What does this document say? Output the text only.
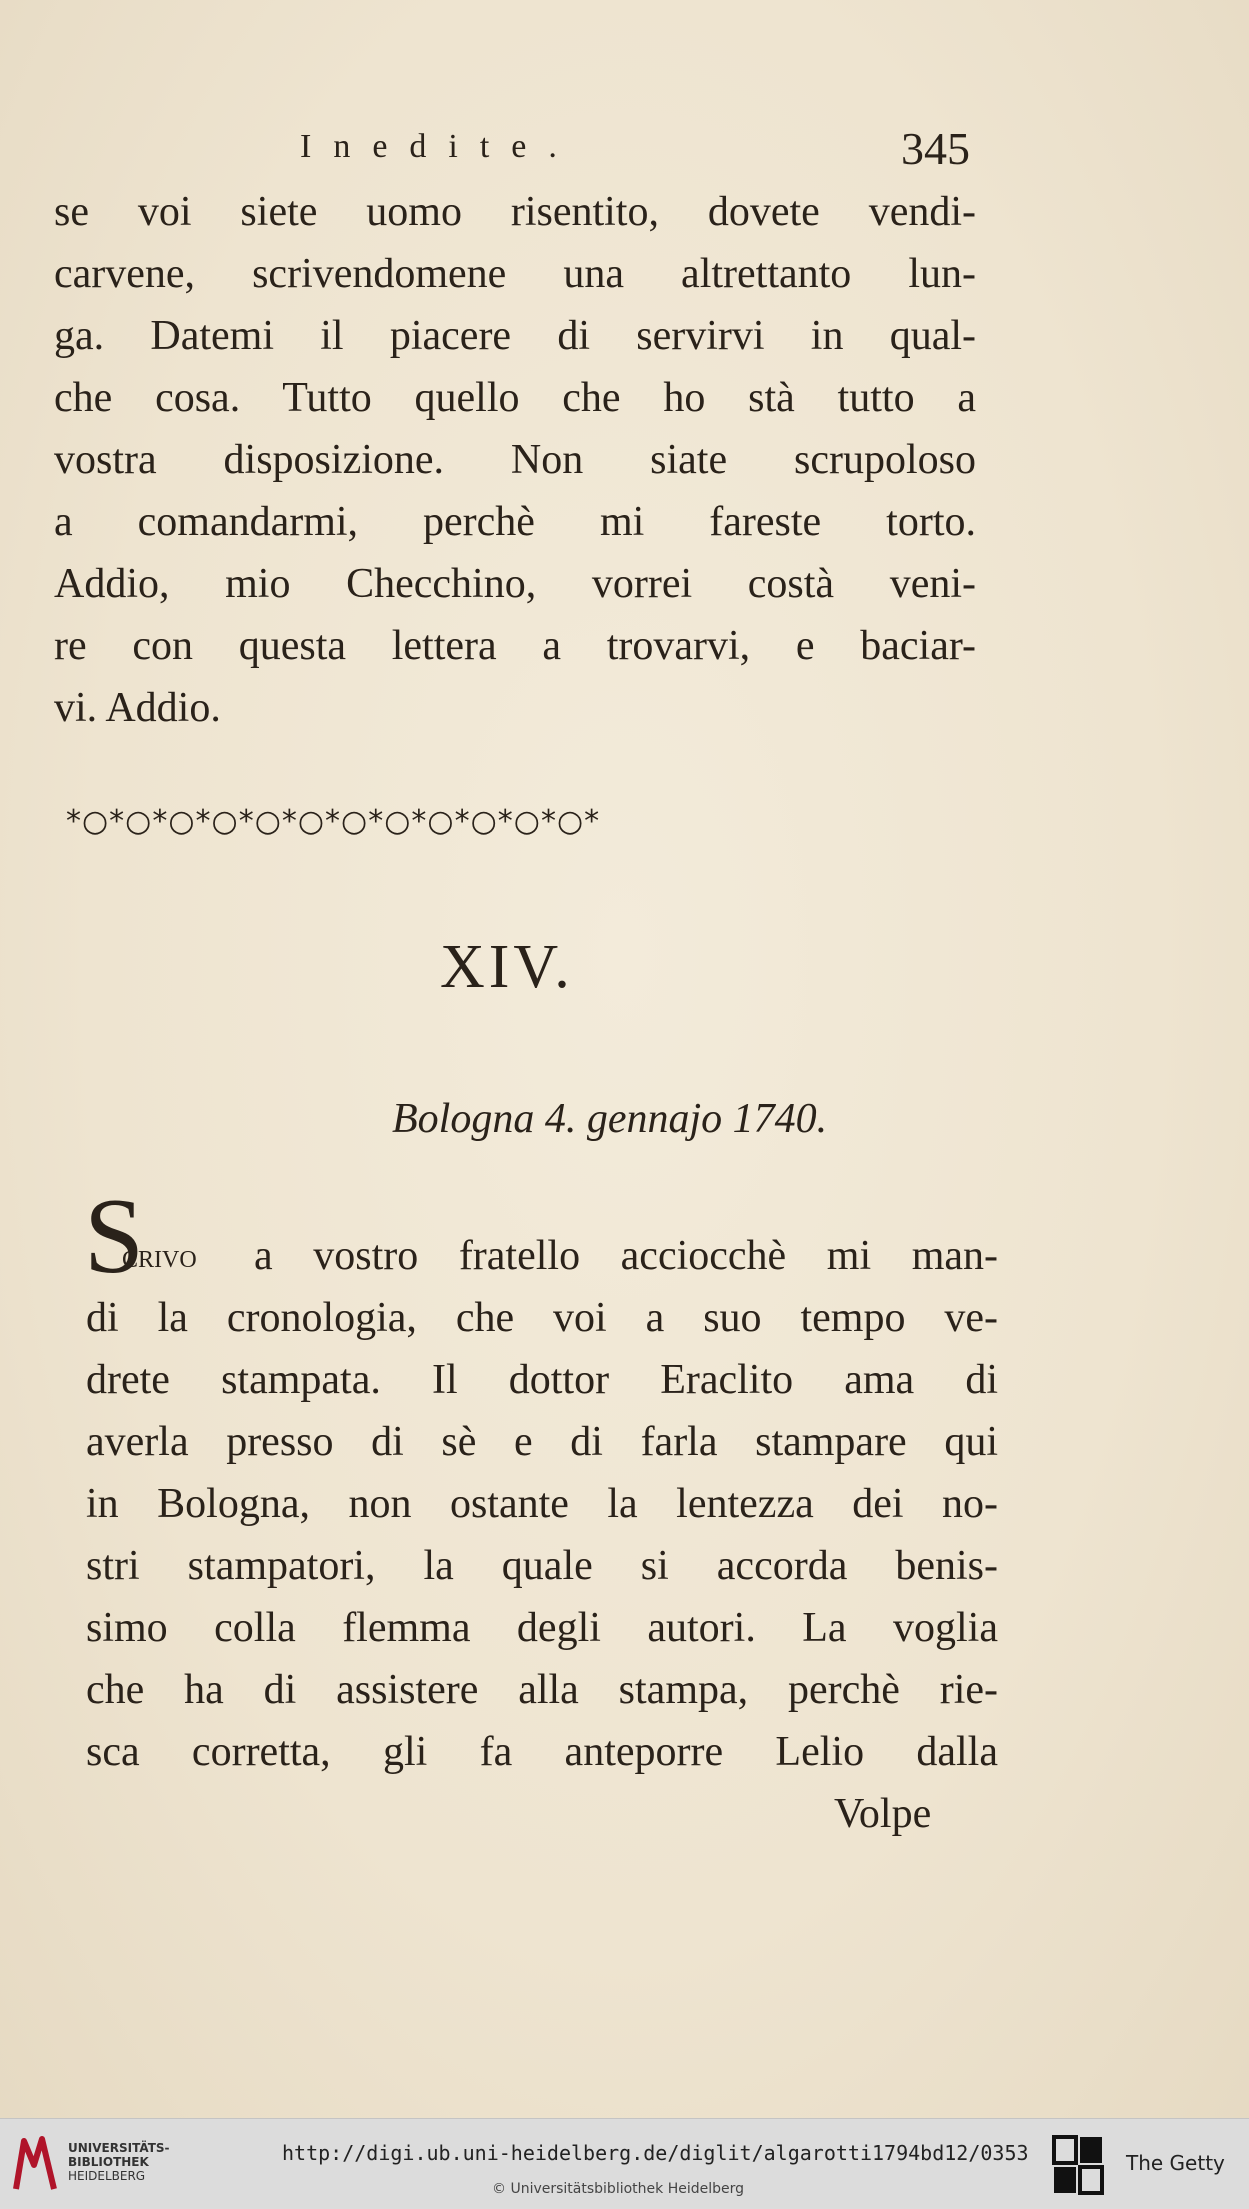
Inedite.	345
se voi siete uomo risentito, dovete vendi-
carvene, scrivendomene una altrettanto lun-
ga. Datemi il piacere di servirvi in qual-
che cosa. Tutto quello che ho stà tutto a
vostra disposizione. Non siate scrupoloso
a comandarmi, perchè mi fareste torto.
Addio, mio Checchino, vorrei costà veni-
re con questa lettera a trovarvi, e baciar-
vi. Addio.
*○*○*○*○*○*○*○*○*○*○*○*○*
XIV.
Bologna 4. gennajo 1740.
S
crivo	a vostro fratello acciocchè mi man-
di la cronologia, che voi a suo tempo ve-
drete stampata. Il dottor Eraclito ama di
averla presso di sè e di farla stampare qui
in Bologna, non ostante la lentezza dei no-
stri stampatori, la quale si accorda benis-
simo colla flemma degli autori. La voglia
che ha di assistere alla stampa, perchè rie-
sca corretta, gli fa anteporre Lelio dalla
Volpe
UNIVERSITÄTS-
BIBLIOTHEK
HEIDELBERG
http://digi.ub.uni-heidelberg.de/diglit/algarotti1794bd12/0353
© Universitätsbibliothek Heidelberg
The Getty
